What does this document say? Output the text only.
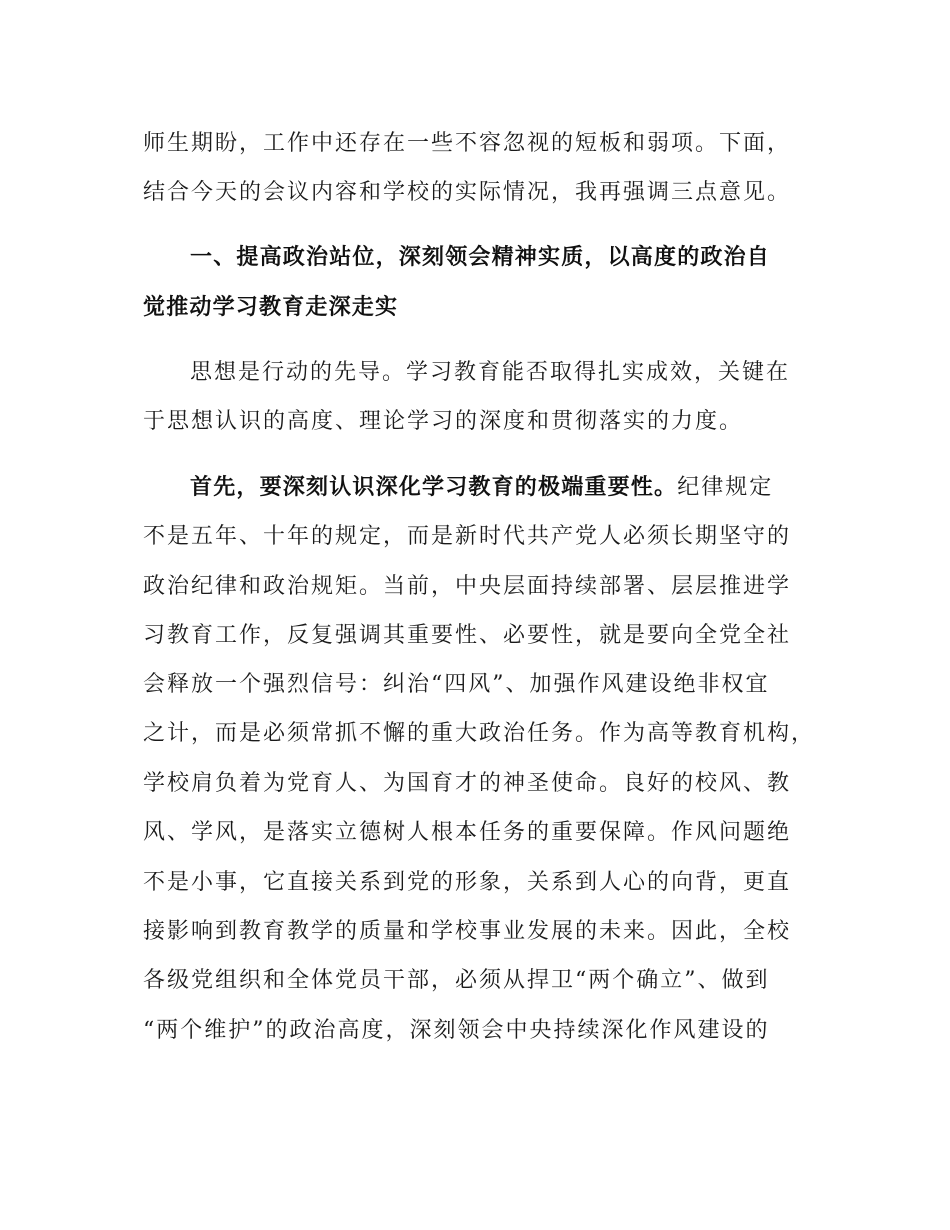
师生期盼，工作中还存在一些不容忽视的短板和弱项。下面，

结合今天的会议内容和学校的实际情况，我再强调三点意见。

一、提高政治站位，深刻领会精神实质，以高度的政治自

觉推动学习教育走深走实

思想是行动的先导。学习教育能否取得扎实成效，关键在

于思想认识的高度、理论学习的深度和贯彻落实的力度。

首先，要深刻认识深化学习教育的极端重要性。纪律规定

不是五年、十年的规定，而是新时代共产党人必须长期坚守的

政治纪律和政治规矩。当前，中央层面持续部署、层层推进学

习教育工作，反复强调其重要性、必要性，就是要向全党全社

会释放一个强烈信号：纠治“四风”、加强作风建设绝非权宜

之计，而是必须常抓不懈的重大政治任务。作为高等教育机构，

学校肩负着为党育人、为国育才的神圣使命。良好的校风、教

风、学风，是落实立德树人根本任务的重要保障。作风问题绝

不是小事，它直接关系到党的形象，关系到人心的向背，更直

接影响到教育教学的质量和学校事业发展的未来。因此，全校

各级党组织和全体党员干部，必须从捍卫“两个确立”、做到

“两个维护”的政治高度，深刻领会中央持续深化作风建设的
